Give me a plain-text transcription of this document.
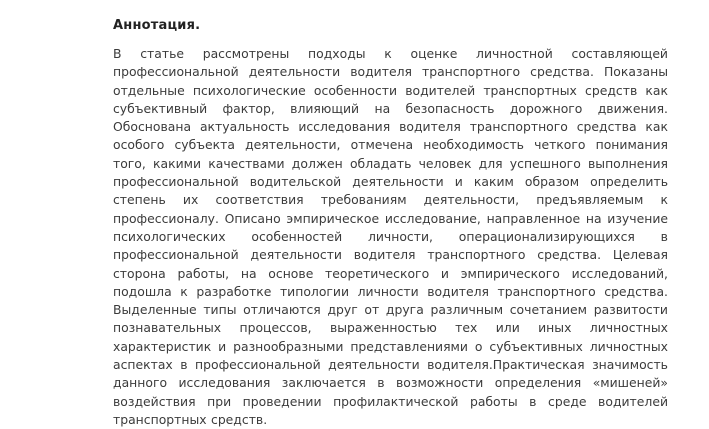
Аннотация.

В статье рассмотрены подходы к оценке личностной составляющей профессиональной деятельности водителя транспортного средства. Показаны отдельные психологические особенности водителей транспортных средств как субъективный фактор, влияющий на безопасность дорожного движения. Обоснована актуальность исследования водителя транспортного средства как особого субъекта деятельности, отмечена необходимость четкого понимания того, какими качествами должен обладать человек для успешного выполнения профессиональной водительской деятельности и каким образом определить степень их соответствия требованиям деятельности, предъявляемым к профессионалу. Описано эмпирическое исследование, направленное на изучение психологических особенностей личности, операционализирующихся в профессиональной деятельности водителя транспортного средства. Целевая сторона работы, на основе теоретического и эмпирического исследований, подошла к разработке типологии личности водителя транспортного средства. Выделенные типы отличаются друг от друга различным сочетанием развитости познавательных процессов, выраженностью тех или иных личностных характеристик и разнообразными представлениями о субъективных личностных аспектах в профессиональной деятельности водителя.Практическая значимость данного исследования заключается в возможности определения «мишеней» воздействия при проведении профилактической работы в среде водителей транспортных средств.
